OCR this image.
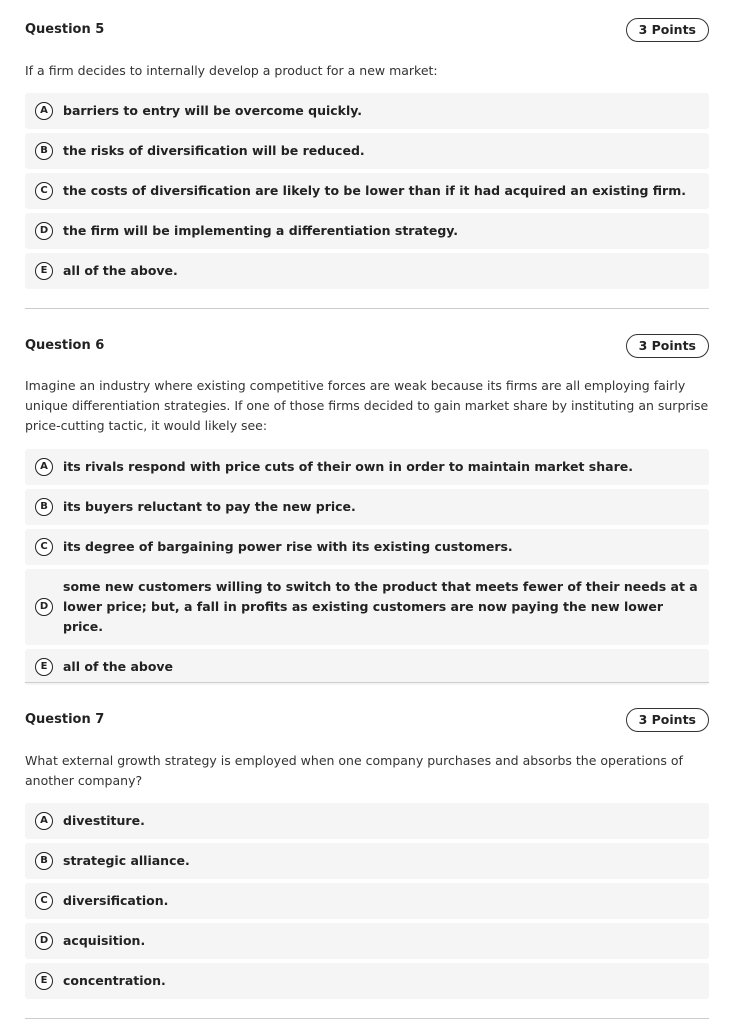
Question 5	3 Points
If a firm decides to internally develop a product for a new market:
A	barriers to entry will be overcome quickly.
B	the risks of diversification will be reduced.
C	the costs of diversification are likely to be lower than if it had acquired an existing firm.
D	the firm will be implementing a differentiation strategy.
E	all of the above.
Question 6	3 Points
Imagine an industry where existing competitive forces are weak because its firms are all employing fairly unique differentiation strategies. If one of those firms decided to gain market share by instituting an surprise price-cutting tactic, it would likely see:
A	its rivals respond with price cuts of their own in order to maintain market share.
B	its buyers reluctant to pay the new price.
C	its degree of bargaining power rise with its existing customers.
D
some new customers willing to switch to the product that meets fewer of their needs at a lower price; but, a fall in profits as existing customers are now paying the new lower price.
E	all of the above
Question 7	3 Points
What external growth strategy is employed when one company purchases and absorbs the operations of another company?
A	divestiture.
B	strategic alliance.
C	diversification.
D	acquisition.
E	concentration.
